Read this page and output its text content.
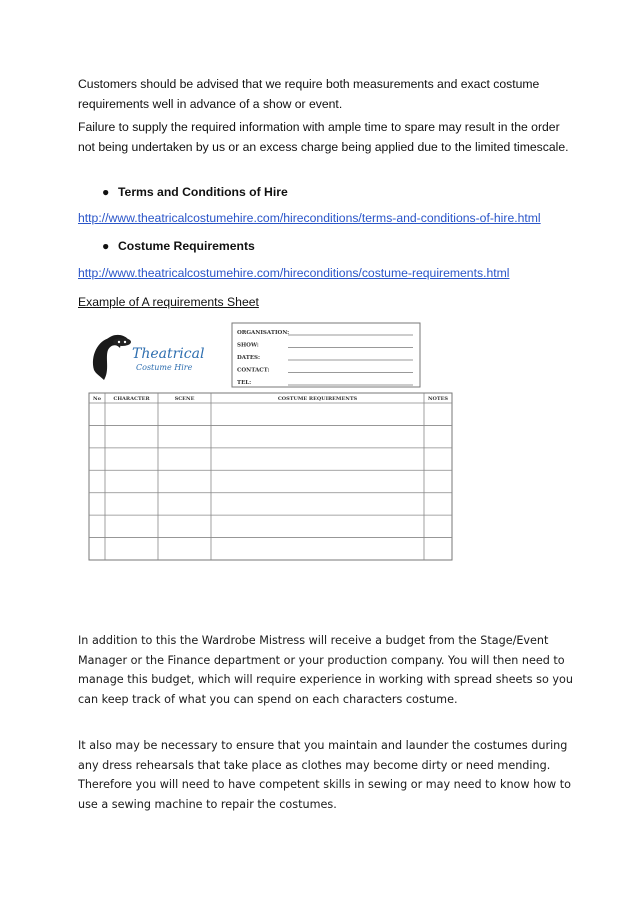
Customers should be advised that we require both measurements and exact costume requirements well in advance of a show or event.
Failure to supply the required information with ample time to spare may result in the order not being undertaken by us or an excess charge being applied due to the limited timescale.
● Terms and Conditions of Hire
http://www.theatricalcostumehire.com/hireconditions/terms-and-conditions-of-hire.html
● Costume Requirements
http://www.theatricalcostumehire.com/hireconditions/costume-requirements.html
Example of A requirements Sheet
Theatrical
Costume Hire
ORGANISATION:
SHOW:
DATES:
CONTACT:
TEL:
No CHARACTER	SCENE	COSTUME REQUIREMENTS	NOTES
In addition to this the Wardrobe Mistress will receive a budget from the Stage/Event Manager or the Finance department or your production company. You will then need to manage this budget, which will require experience in working with spread sheets so you can keep track of what you can spend on each characters costume.
It also may be necessary to ensure that you maintain and launder the costumes during any dress rehearsals that take place as clothes may become dirty or need mending. Therefore you will need to have competent skills in sewing or may need to know how to use a sewing machine to repair the costumes.
